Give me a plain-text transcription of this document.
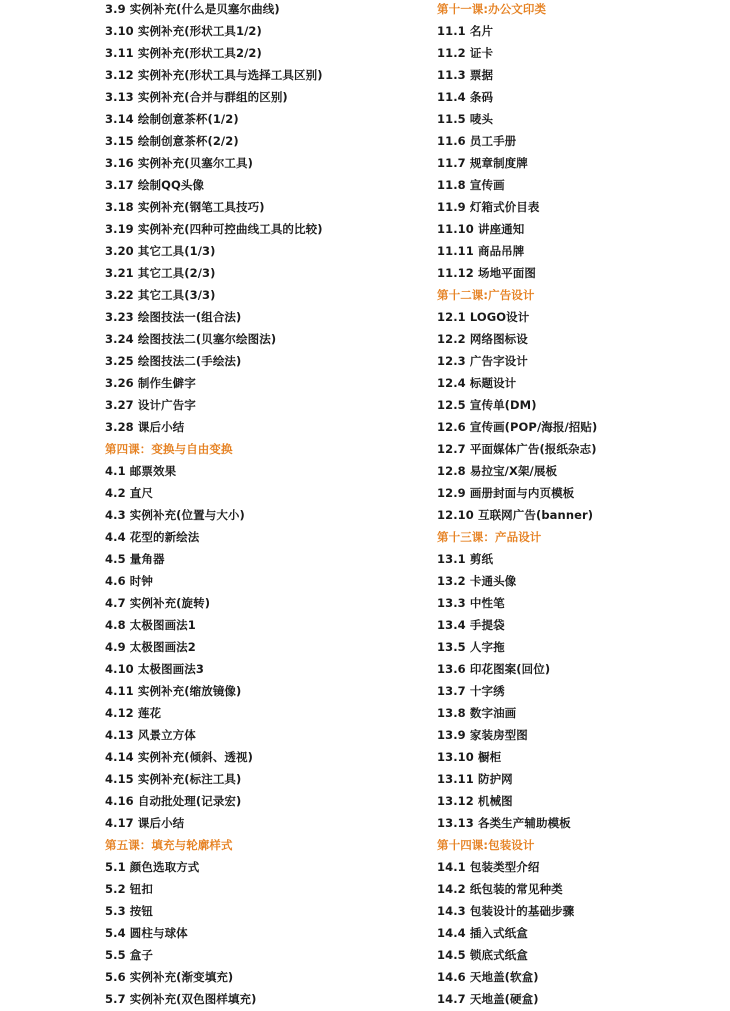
3.9 实例补充(什么是贝塞尔曲线)
3.10 实例补充(形状工具1/2)
3.11 实例补充(形状工具2/2)
3.12 实例补充(形状工具与选择工具区别)
3.13 实例补充(合并与群组的区别)
3.14 绘制创意茶杯(1/2)
3.15 绘制创意茶杯(2/2)
3.16 实例补充(贝塞尔工具)
3.17 绘制QQ头像
3.18 实例补充(钢笔工具技巧)
3.19 实例补充(四种可控曲线工具的比较)
3.20 其它工具(1/3)
3.21 其它工具(2/3)
3.22 其它工具(3/3)
3.23 绘图技法一(组合法)
3.24 绘图技法二(贝塞尔绘图法)
3.25 绘图技法二(手绘法)
3.26 制作生僻字
3.27 设计广告字
3.28 课后小结
第四课：变换与自由变换
4.1 邮票效果
4.2 直尺
4.3 实例补充(位置与大小)
4.4 花型的新绘法
4.5 量角器
4.6 时钟
4.7 实例补充(旋转)
4.8 太极图画法1
4.9 太极图画法2
4.10 太极图画法3
4.11 实例补充(缩放镜像)
4.12 莲花
4.13 风景立方体
4.14 实例补充(倾斜、透视)
4.15 实例补充(标注工具)
4.16 自动批处理(记录宏)
4.17 课后小结
第五课：填充与轮廓样式
5.1 颜色选取方式
5.2 钮扣
5.3 按钮
5.4 圆柱与球体
5.5 盒子
5.6 实例补充(渐变填充)
5.7 实例补充(双色图样填充)
第十一课:办公文印类
11.1 名片
11.2 证卡
11.3 票据
11.4 条码
11.5 唛头
11.6 员工手册
11.7 规章制度牌
11.8 宣传画
11.9 灯箱式价目表
11.10 讲座通知
11.11 商品吊牌
11.12 场地平面图
第十二课:广告设计
12.1 LOGO设计
12.2 网络图标设
12.3 广告字设计
12.4 标题设计
12.5 宣传单(DM)
12.6 宣传画(POP/海报/招贴)
12.7 平面媒体广告(报纸杂志)
12.8 易拉宝/X架/展板
12.9 画册封面与内页模板
12.10 互联网广告(banner)
第十三课：产品设计
13.1 剪纸
13.2 卡通头像
13.3 中性笔
13.4 手提袋
13.5 人字拖
13.6 印花图案(回位)
13.7 十字绣
13.8 数字油画
13.9 家装房型图
13.10 橱柜
13.11 防护网
13.12 机械图
13.13 各类生产辅助模板
第十四课:包装设计
14.1 包装类型介绍
14.2 纸包装的常见种类
14.3 包装设计的基础步骤
14.4 插入式纸盒
14.5 锁底式纸盒
14.6 天地盖(软盒)
14.7 天地盖(硬盒)
